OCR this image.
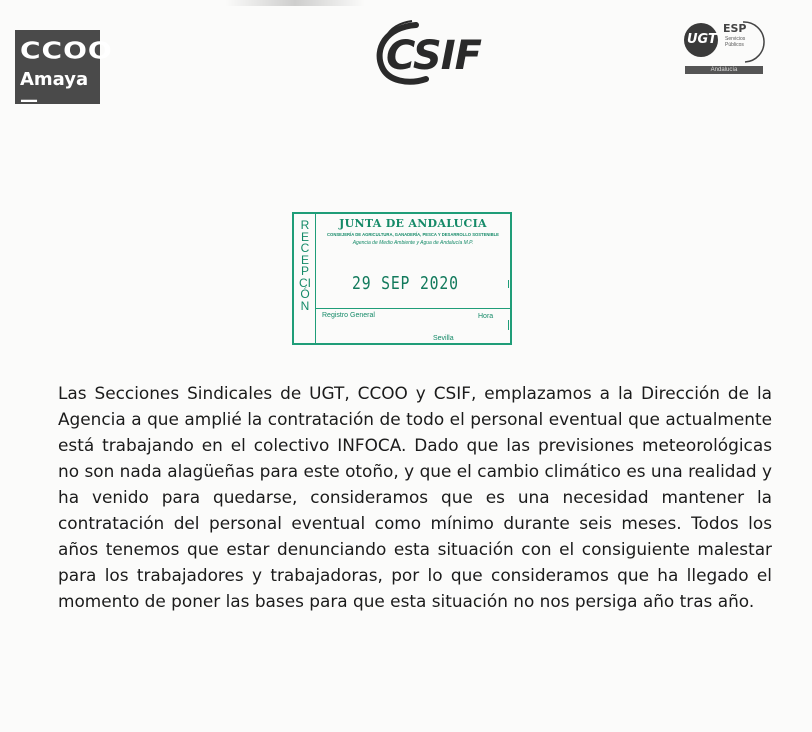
CCOO
Amaya —
CSIF	UGT
ESP
Servicios Públicos
Andalucía
RECEPCIÓN
JUNTA DE ANDALUCIA
CONSEJERÍA DE AGRICULTURA, GANADERÍA, PESCA Y DESARROLLO SOSTENIBLE
Agencia de Medio Ambiente y Agua de Andalucía M.P.
29 SEP 2020
Registro General	Hora
Sevilla
Las Secciones Sindicales de UGT, CCOO y CSIF, emplazamos a la Dirección de la
Agencia a que amplié la contratación de todo el personal eventual que actualmente
está trabajando en el colectivo INFOCA. Dado que las previsiones meteorológicas
no son nada alagüeñas para este otoño, y que el cambio climático es una realidad y
ha venido para quedarse, consideramos que es una necesidad mantener la
contratación del personal eventual como mínimo durante seis meses. Todos los
años tenemos que estar denunciando esta situación con el consiguiente malestar
para los trabajadores y trabajadoras, por lo que consideramos que ha llegado el
momento de poner las bases para que esta situación no nos persiga año tras año.
